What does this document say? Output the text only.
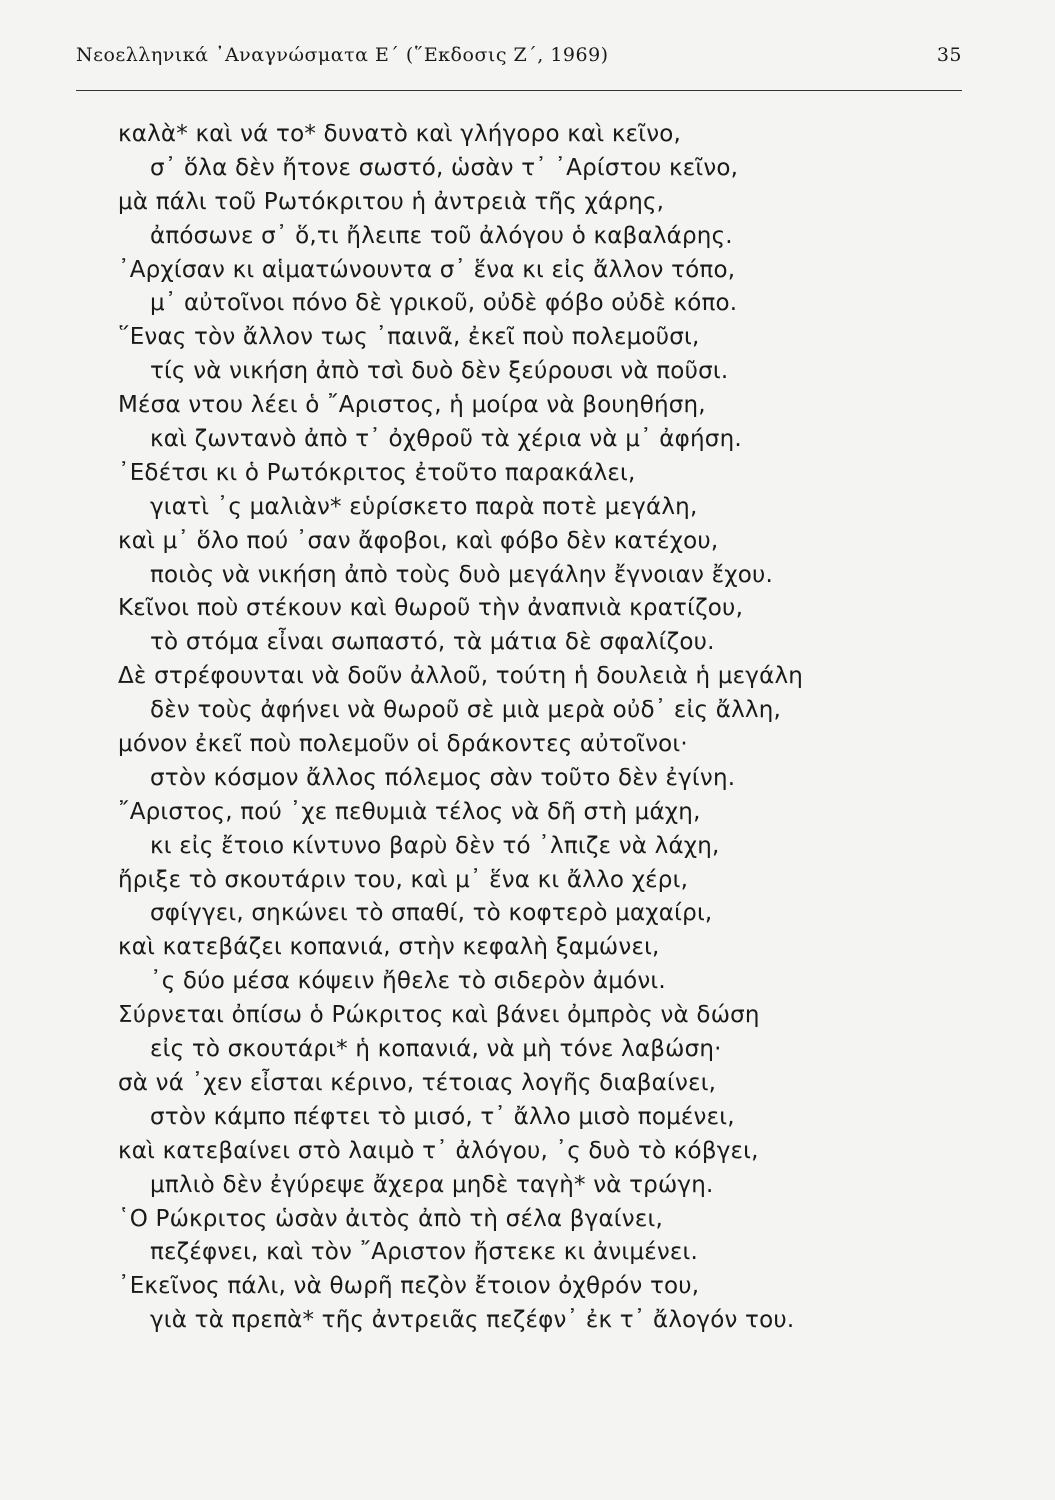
Νεοελληνικά ᾿Αναγνώσματα Ε΄ (῞Εκδοσις Ζ΄, 1969)	35
καλὰ* καὶ νά το* δυνατὸ καὶ γλήγορο καὶ κεῖνο,
σ᾿ ὅλα δὲν ἤτονε σωστό, ὡσὰν τ᾿ ᾿Αρίστου κεῖνο,
μὰ πάλι τοῦ Ρωτόκριτου ἡ ἀντρειὰ τῆς χάρης,
ἀπόσωνε σ᾿ ὅ,τι ἤλειπε τοῦ ἀλόγου ὁ καβαλάρης.
᾿Αρχίσαν κι αἱματώνουντα σ᾿ ἕνα κι εἰς ἄλλον τόπο,
μ᾿ αὐτοῖνοι πόνο δὲ γρικοῦ, οὐδὲ φόβο οὐδὲ κόπο.
῞Ενας τὸν ἄλλον τως ᾿παινᾶ, ἐκεῖ ποὺ πολεμοῦσι,
τίς νὰ νικήση ἀπὸ τσὶ δυὸ δὲν ξεύρουσι νὰ ποῦσι.
Μέσα ντου λέει ὁ ῎Αριστος, ἡ μοίρα νὰ βουηθήση,
καὶ ζωντανὸ ἀπὸ τ᾿ ὀχθροῦ τὰ χέρια νὰ μ᾿ ἀφήση.
᾿Εδέτσι κι ὁ Ρωτόκριτος ἐτοῦτο παρακάλει,
γιατὶ ᾿ς μαλιὰν* εὑρίσκετο παρὰ ποτὲ μεγάλη,
καὶ μ᾿ ὅλο πού ᾿σαν ἄφοβοι, καὶ φόβο δὲν κατέχου,
ποιὸς νὰ νικήση ἀπὸ τοὺς δυὸ μεγάλην ἔγνοιαν ἔχου.
Κεῖνοι ποὺ στέκουν καὶ θωροῦ τὴν ἀναπνιὰ κρατίζου,
τὸ στόμα εἶναι σωπαστό, τὰ μάτια δὲ σφαλίζου.
Δὲ στρέφουνται νὰ δοῦν ἀλλοῦ, τούτη ἡ δουλειὰ ἡ μεγάλη
δὲν τοὺς ἀφήνει νὰ θωροῦ σὲ μιὰ μερὰ οὐδ᾿ εἰς ἄλλη,
μόνον ἐκεῖ ποὺ πολεμοῦν οἱ δράκοντες αὐτοῖνοι·
στὸν κόσμον ἄλλος πόλεμος σὰν τοῦτο δὲν ἐγίνη.
῎Αριστος, πού ᾿χε πεθυμιὰ τέλος νὰ δῆ στὴ μάχη,
κι εἰς ἔτοιο κίντυνο βαρὺ δὲν τό ᾿λπιζε νὰ λάχη,
ἤριξε τὸ σκουτάριν του, καὶ μ᾿ ἕνα κι ἄλλο χέρι,
σφίγγει, σηκώνει τὸ σπαθί, τὸ κοφτερὸ μαχαίρι,
καὶ κατεβάζει κοπανιά, στὴν κεφαλὴ ξαμώνει,
᾿ς δύο μέσα κόψειν ἤθελε τὸ σιδερὸν ἀμόνι.
Σύρνεται ὀπίσω ὁ Ρώκριτος καὶ βάνει ὀμπρὸς νὰ δώση
εἰς τὸ σκουτάρι* ἡ κοπανιά, νὰ μὴ τόνε λαβώση·
σὰ νά ᾿χεν εἶσται κέρινο, τέτοιας λογῆς διαβαίνει,
στὸν κάμπο πέφτει τὸ μισό, τ᾿ ἄλλο μισὸ πομένει,
καὶ κατεβαίνει στὸ λαιμὸ τ᾿ ἀλόγου, ᾿ς δυὸ τὸ κόβγει,
μπλιὸ δὲν ἐγύρεψε ἄχερα μηδὲ ταγὴ* νὰ τρώγη.
῾Ο Ρώκριτος ὡσὰν ἀιτὸς ἀπὸ τὴ σέλα βγαίνει,
πεζέφνει, καὶ τὸν ῎Αριστον ἤστεκε κι ἀνιμένει.
᾿Εκεῖνος πάλι, νὰ θωρῆ πεζὸν ἔτοιον ὀχθρόν του,
γιὰ τὰ πρεπὰ* τῆς ἀντρειᾶς πεζέφν᾿ ἐκ τ᾿ ἄλογόν του.
